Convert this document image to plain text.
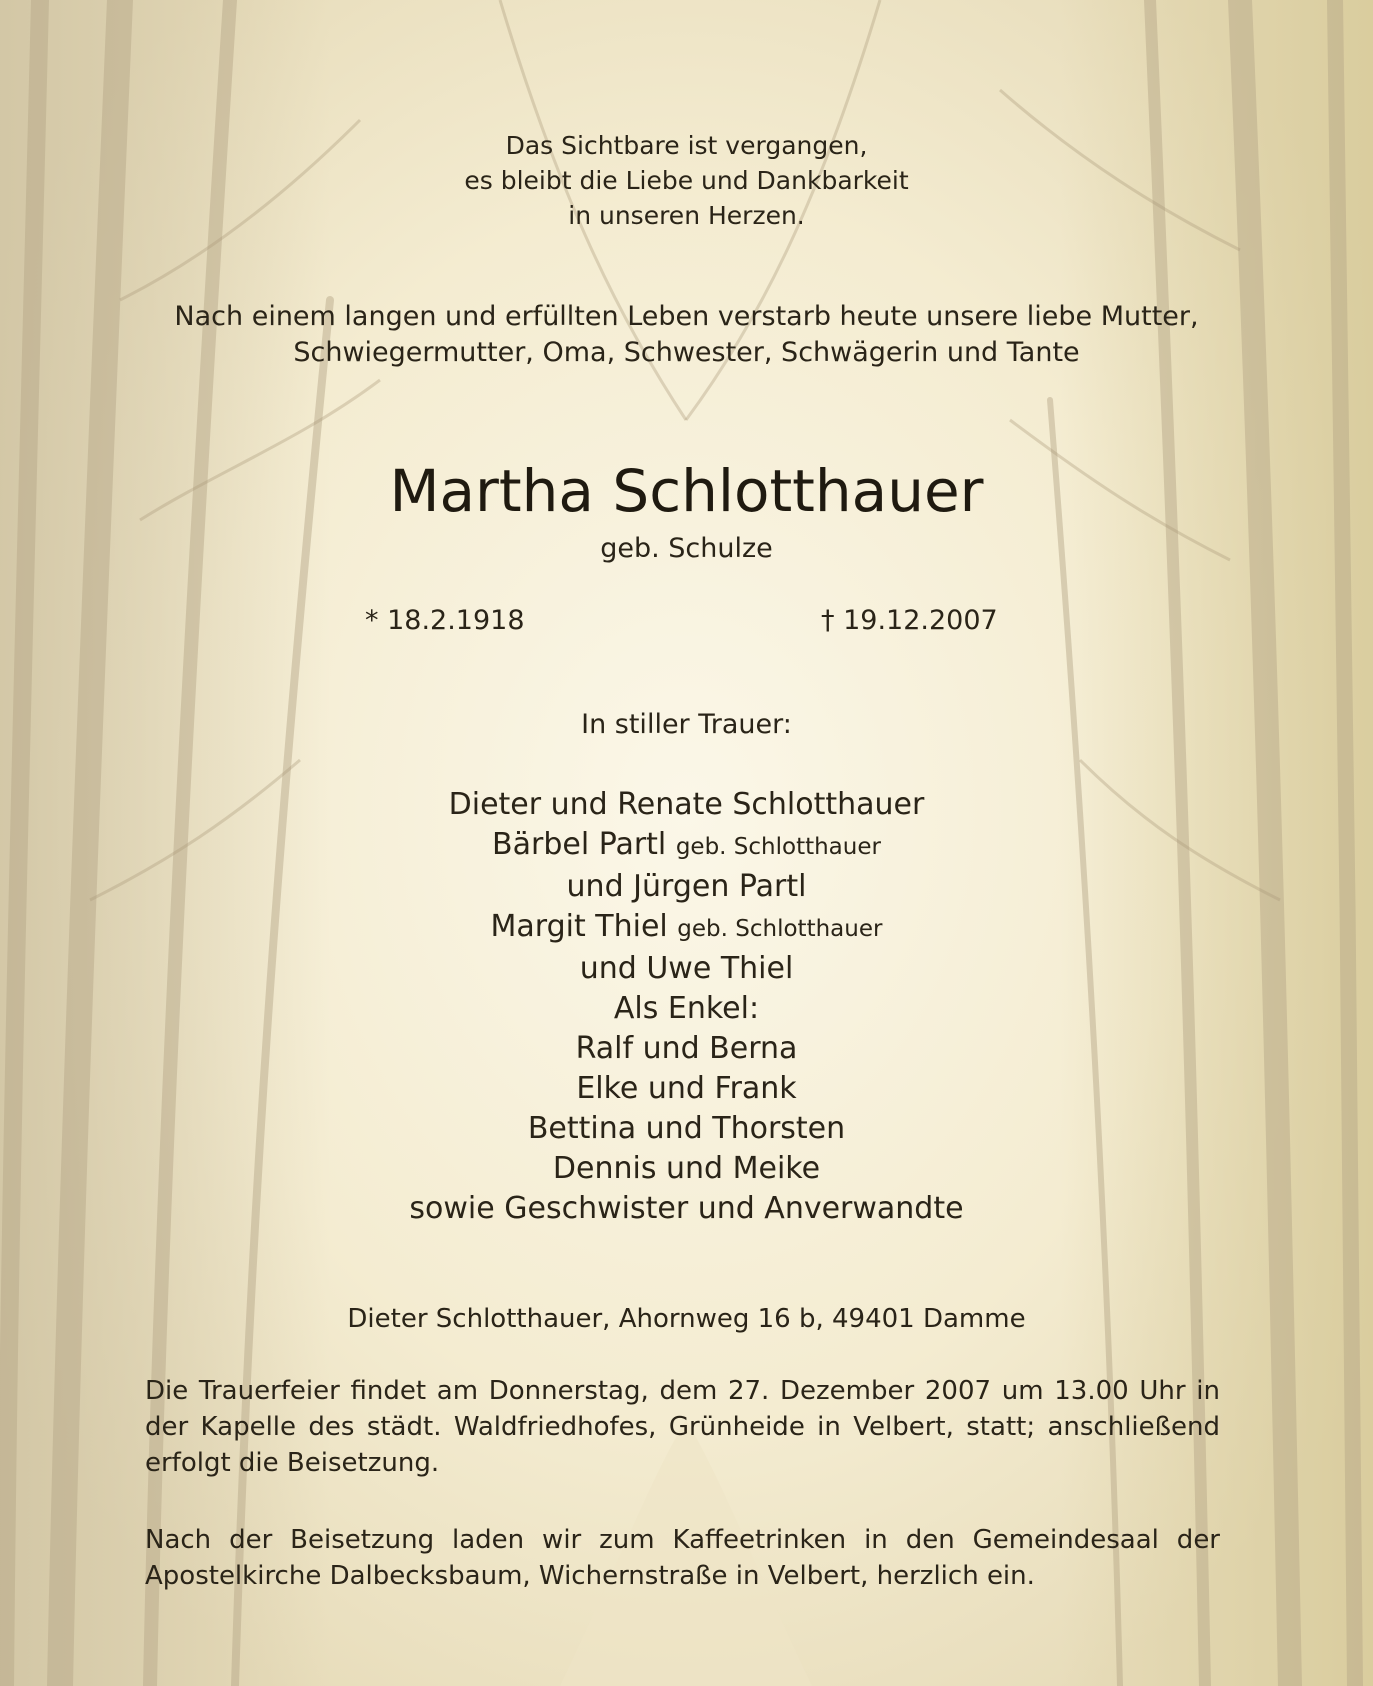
Das Sichtbare ist vergangen,
es bleibt die Liebe und Dankbarkeit
in unseren Herzen.
Nach einem langen und erfüllten Leben verstarb heute unsere liebe Mutter,
Schwiegermutter, Oma, Schwester, Schwägerin und Tante
Martha Schlotthauer
geb. Schulze
* 18.2.1918	† 19.12.2007
In stiller Trauer:
Dieter und Renate Schlotthauer
Bärbel Partl geb. Schlotthauer
und Jürgen Partl
Margit Thiel geb. Schlotthauer
und Uwe Thiel
Als Enkel:
Ralf und Berna
Elke und Frank
Bettina und Thorsten
Dennis und Meike
sowie Geschwister und Anverwandte
Dieter Schlotthauer, Ahornweg 16 b, 49401 Damme
Die Trauerfeier findet am Donnerstag, dem 27. Dezember 2007 um 13.00 Uhr in der Kapelle des städt. Waldfriedhofes, Grünheide in Velbert, statt; anschließend erfolgt die Beisetzung.
Nach der Beisetzung laden wir zum Kaffeetrinken in den Gemeindesaal der Apostelkirche Dalbecksbaum, Wichernstraße in Velbert, herzlich ein.
